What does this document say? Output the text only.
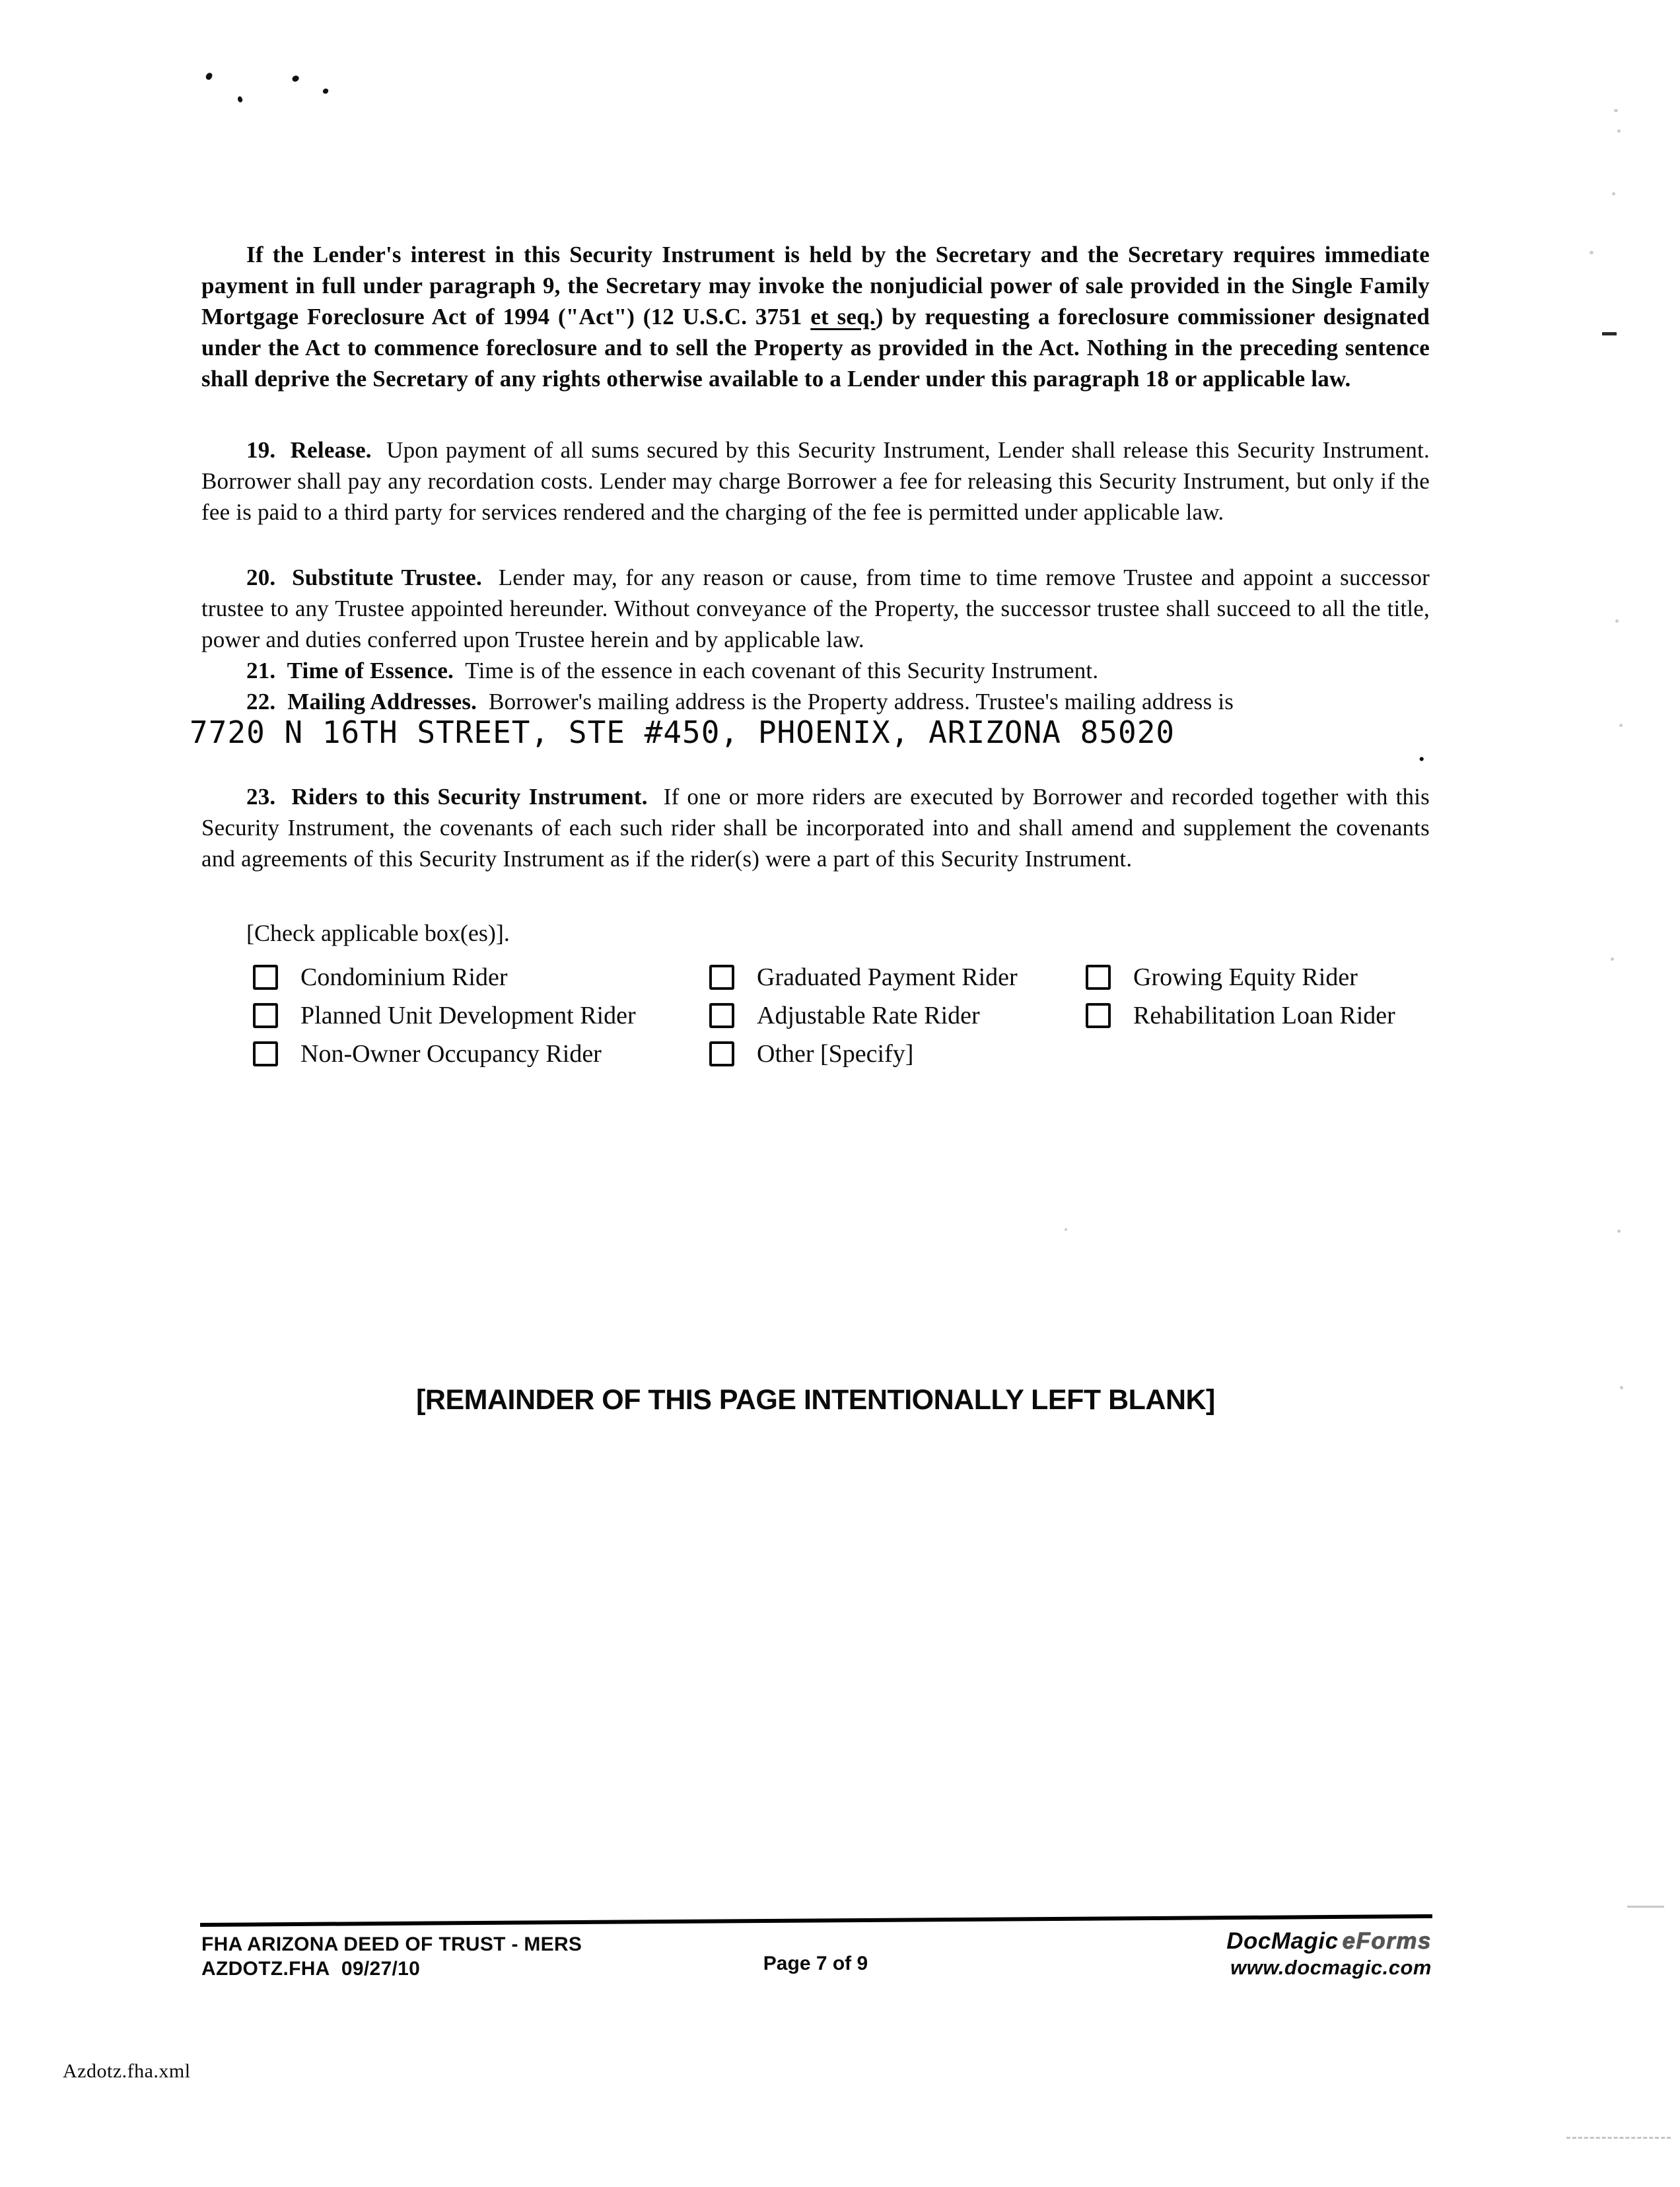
If the Lender's interest in this Security Instrument is held by the Secretary and the Secretary requires immediate payment in full under paragraph 9, the Secretary may invoke the nonjudicial power of sale provided in the Single Family Mortgage Foreclosure Act of 1994 ("Act") (12 U.S.C. 3751 et seq.) by requesting a foreclosure commissioner designated under the Act to commence foreclosure and to sell the Property as provided in the Act. Nothing in the preceding sentence shall deprive the Secretary of any rights otherwise available to a Lender under this paragraph 18 or applicable law.

19.  Release.  Upon payment of all sums secured by this Security Instrument, Lender shall release this Security Instrument. Borrower shall pay any recordation costs. Lender may charge Borrower a fee for releasing this Security Instrument, but only if the fee is paid to a third party for services rendered and the charging of the fee is permitted under applicable law.

20.  Substitute Trustee.  Lender may, for any reason or cause, from time to time remove Trustee and appoint a successor trustee to any Trustee appointed hereunder. Without conveyance of the Property, the successor trustee shall succeed to all the title, power and duties conferred upon Trustee herein and by applicable law.

21.  Time of Essence.  Time is of the essence in each covenant of this Security Instrument.

22.  Mailing Addresses.  Borrower's mailing address is the Property address. Trustee's mailing address is

7720 N 16TH STREET, STE #450, PHOENIX, ARIZONA 85020
.

23.  Riders to this Security Instrument.  If one or more riders are executed by Borrower and recorded together with this Security Instrument, the covenants of each such rider shall be incorporated into and shall amend and supplement the covenants and agreements of this Security Instrument as if the rider(s) were a part of this Security Instrument.

[Check applicable box(es)].

Condominium Rider
Planned Unit Development Rider
Non-Owner Occupancy Rider
Graduated Payment Rider
Adjustable Rate Rider
Other [Specify]
Growing Equity Rider
Rehabilitation Loan Rider
[REMAINDER OF THIS PAGE INTENTIONALLY LEFT BLANK]
FHA ARIZONA DEED OF TRUST - MERS
AZDOTZ.FHA  09/27/10	Page 7 of 9
DocMagic eForms
www.docmagic.com
Azdotz.fha.xml
